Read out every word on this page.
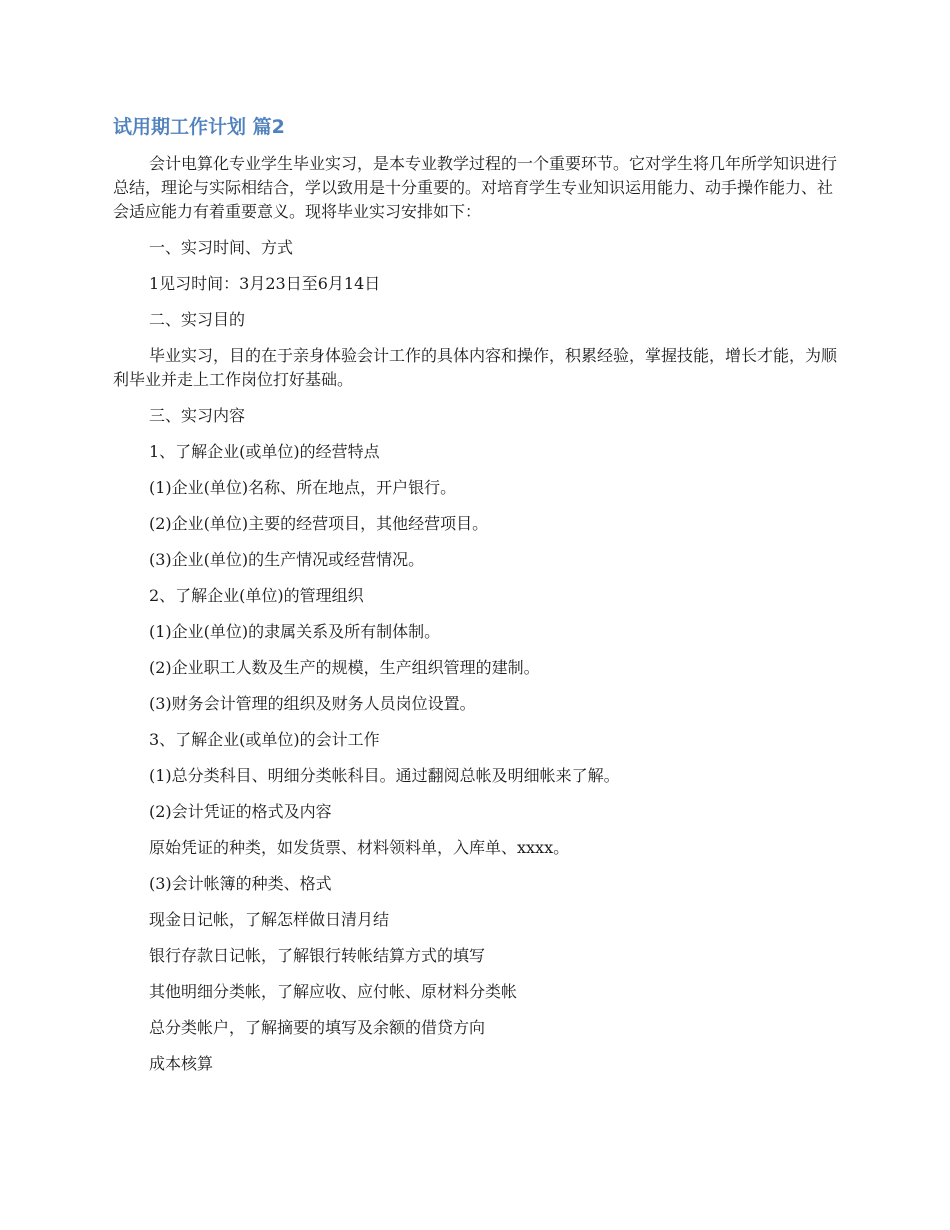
试用期工作计划 篇2

会计电算化专业学生毕业实习，是本专业教学过程的一个重要环节。它对学生将几年所学知识进行总结，理论与实际相结合，学以致用是十分重要的。对培育学生专业知识运用能力、动手操作能力、社会适应能力有着重要意义。现将毕业实习安排如下：

一、实习时间、方式

1见习时间：3月23日至6月14日

二、实习目的

毕业实习，目的在于亲身体验会计工作的具体内容和操作，积累经验，掌握技能，增长才能，为顺利毕业并走上工作岗位打好基础。

三、实习内容

1、了解企业(或单位)的经营特点

(1)企业(单位)名称、所在地点，开户银行。

(2)企业(单位)主要的经营项目，其他经营项目。

(3)企业(单位)的生产情况或经营情况。

2、了解企业(单位)的管理组织

(1)企业(单位)的隶属关系及所有制体制。

(2)企业职工人数及生产的规模，生产组织管理的建制。

(3)财务会计管理的组织及财务人员岗位设置。

3、了解企业(或单位)的会计工作

(1)总分类科目、明细分类帐科目。通过翻阅总帐及明细帐来了解。

(2)会计凭证的格式及内容

原始凭证的种类，如发货票、材料领料单，入库单、xxxx。

(3)会计帐簿的种类、格式

现金日记帐，了解怎样做日清月结

银行存款日记帐，了解银行转帐结算方式的填写

其他明细分类帐，了解应收、应付帐、原材料分类帐

总分类帐户，了解摘要的填写及余额的借贷方向

成本核算
